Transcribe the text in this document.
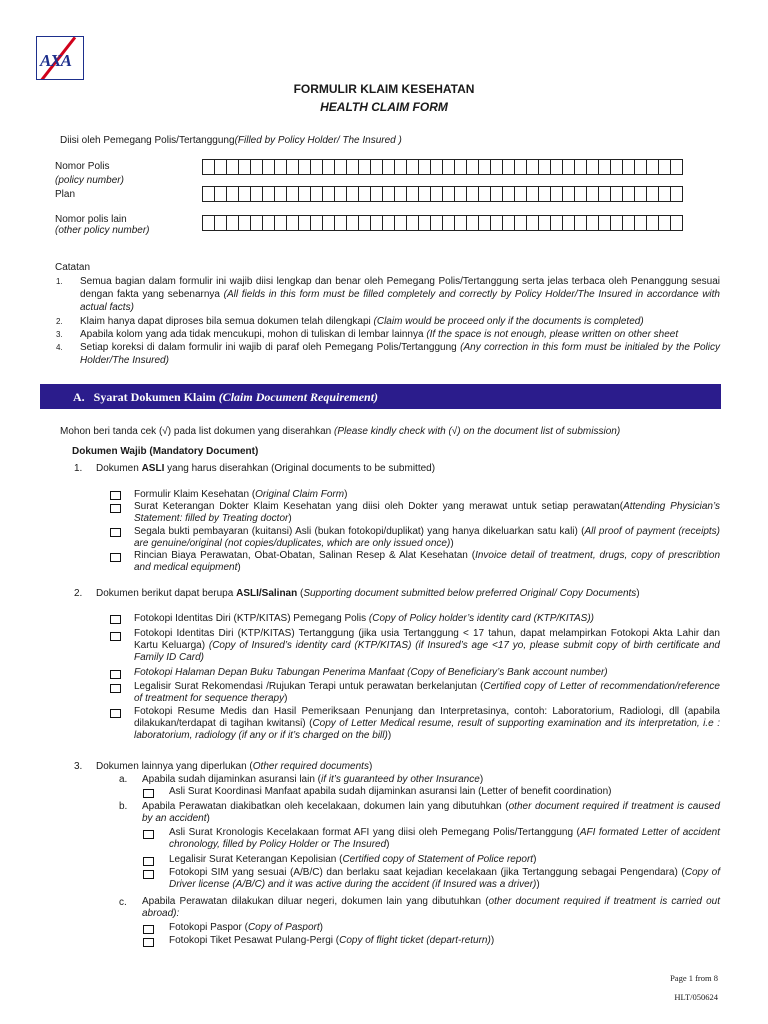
AXA
FORMULIR KLAIM KESEHATAN
HEALTH CLAIM FORM
Diisi oleh Pemegang Polis/Tertanggung(Filled by Policy Holder/ The Insured )
Nomor Polis
(policy number)
Plan
Nomor polis lain
(other policy number)
Catatan
1. Semua bagian dalam formulir ini wajib diisi lengkap dan benar oleh Pemegang Polis/Tertanggung serta jelas terbaca oleh Penanggung sesuai dengan fakta yang sebenarnya (All fields in this form must be filled completely and correctly by Policy Holder/The Insured in accordance with actual facts)
2. Klaim hanya dapat diproses bila semua dokumen telah dilengkapi (Claim would be proceed only if the documents is completed)
3. Apabila kolom yang ada tidak mencukupi, mohon di tuliskan di lembar lainnya (If the space is not enough, please written on other sheet
4. Setiap koreksi di dalam formulir ini wajib di paraf oleh Pemegang Polis/Tertanggung (Any correction in this form must be initialed by the Policy Holder/The Insured)
A. Syarat Dokumen Klaim (Claim Document Requirement)
Mohon beri tanda cek (√) pada list dokumen yang diserahkan (Please kindly check with (√) on the document list of submission)
Dokumen Wajib (Mandatory Document)
1. Dokumen ASLI yang harus diserahkan (Original documents to be submitted)
Formulir Klaim Kesehatan (Original Claim Form)
Surat Keterangan Dokter Klaim Kesehatan yang diisi oleh Dokter yang merawat untuk setiap perawatan(Attending Physician’s Statement: filled by Treating doctor)
Segala bukti pembayaran (kuitansi) Asli (bukan fotokopi/duplikat) yang hanya dikeluarkan satu kali) (All proof of payment (receipts) are genuine/original (not copies/duplicates, which are only issued once))
Rincian Biaya Perawatan, Obat-Obatan, Salinan Resep & Alat Kesehatan (Invoice detail of treatment, drugs, copy of prescribtion and medical equipment)
2. Dokumen berikut dapat berupa ASLI/Salinan (Supporting document submitted below preferred Original/ Copy Documents)
Fotokopi Identitas Diri (KTP/KITAS) Pemegang Polis (Copy of Policy holder’s identity card (KTP/KITAS))
Fotokopi Identitas Diri (KTP/KITAS) Tertanggung (jika usia Tertanggung < 17 tahun, dapat melampirkan Fotokopi Akta Lahir dan Kartu Keluarga) (Copy of Insured’s identity card (KTP/KITAS) (if Insured’s age <17 yo, please submit copy of birth certificate and Family ID Card)
Fotokopi Halaman Depan Buku Tabungan Penerima Manfaat (Copy of Beneficiary’s Bank account number)
Legalisir Surat Rekomendasi /Rujukan Terapi untuk perawatan berkelanjutan (Certified copy of Letter of recommendation/reference of treatment for sequence therapy)
Fotokopi Resume Medis dan Hasil Pemeriksaan Penunjang dan Interpretasinya, contoh: Laboratorium, Radiologi, dll (apabila dilakukan/terdapat di tagihan kwitansi) (Copy of Letter Medical resume, result of supporting examination and its interpretation, i.e : laboratorium, radiology (if any or if it’s charged on the bill))
3. Dokumen lainnya yang diperlukan (Other required documents)
a. Apabila sudah dijaminkan asuransi lain (if it’s guaranteed by other Insurance)
Asli Surat Koordinasi Manfaat apabila sudah dijaminkan asuransi lain (Letter of benefit coordination)
b. Apabila Perawatan diakibatkan oleh kecelakaan, dokumen lain yang dibutuhkan (other document required if treatment is caused by an accident)
Asli Surat Kronologis Kecelakaan format AFI yang diisi oleh Pemegang Polis/Tertanggung (AFI formated Letter of accident chronology, filled by Policy Holder or The Insured)
Legalisir Surat Keterangan Kepolisian (Certified copy of Statement of Police report)
Fotokopi SIM yang sesuai (A/B/C) dan berlaku saat kejadian kecelakaan (jika Tertanggung sebagai Pengendara) (Copy of Driver license (A/B/C) and it was active during the accident (if Insured was a driver))
c. Apabila Perawatan dilakukan diluar negeri, dokumen lain yang dibutuhkan (other document required if treatment is carried out abroad):
Fotokopi Paspor (Copy of Pasport)
Fotokopi Tiket Pesawat Pulang-Pergi (Copy of flight ticket (depart-return))
Page 1 from 8
HLT/050624
